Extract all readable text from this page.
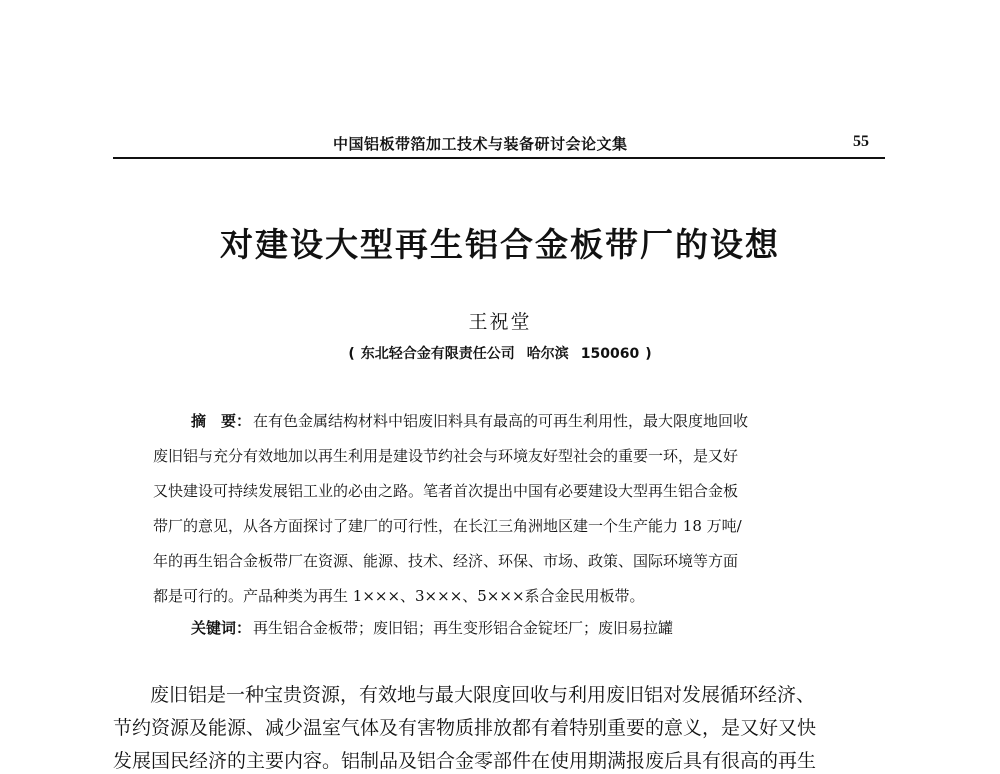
中国铝板带箔加工技术与装备研讨会论文集	55
对建设大型再生铝合金板带厂的设想
王祝堂
( 东北轻合金有限责任公司 哈尔滨 150060 )
摘　要： 在有色金属结构材料中铝废旧料具有最高的可再生利用性，最大限度地回收
废旧铝与充分有效地加以再生利用是建设节约社会与环境友好型社会的重要一环，是又好
又快建设可持续发展铝工业的必由之路。笔者首次提出中国有必要建设大型再生铝合金板
带厂的意见，从各方面探讨了建厂的可行性，在长江三角洲地区建一个生产能力 18 万吨/
年的再生铝合金板带厂在资源、能源、技术、经济、环保、市场、政策、国际环境等方面
都是可行的。产品种类为再生 1×××、3×××、5×××系合金民用板带。
关键词： 再生铝合金板带；废旧铝；再生变形铝合金锭坯厂；废旧易拉罐
废旧铝是一种宝贵资源，有效地与最大限度回收与利用废旧铝对发展循环经济、
节约资源及能源、减少温室气体及有害物质排放都有着特别重要的意义，是又好又快
发展国民经济的主要内容。铝制品及铝合金零部件在使用期满报废后具有很高的再生
